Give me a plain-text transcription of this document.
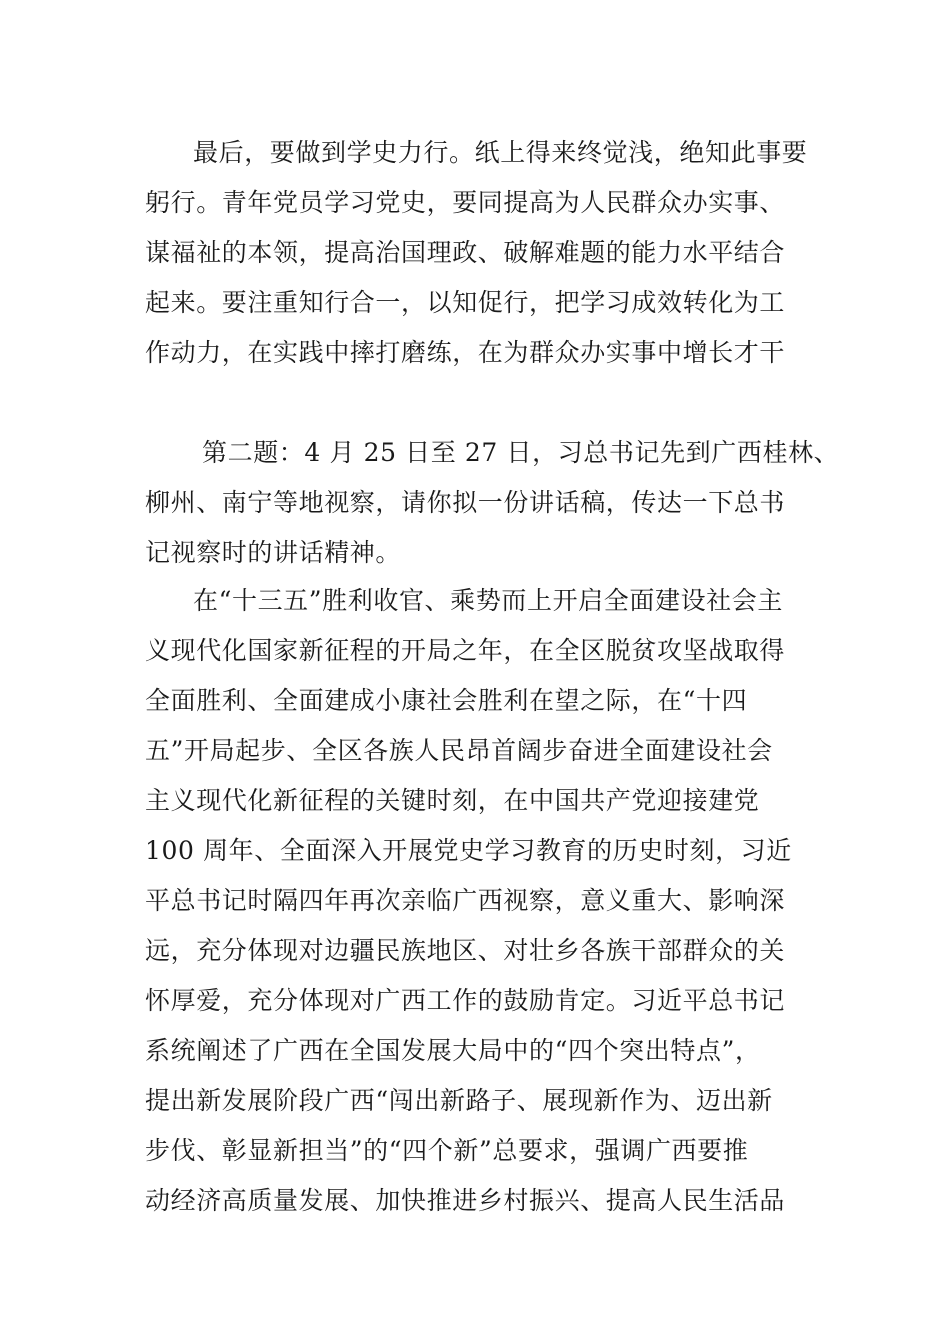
最后，要做到学史力行。纸上得来终觉浅，绝知此事要
躬行。青年党员学习党史，要同提高为人民群众办实事、
谋福祉的本领，提高治国理政、破解难题的能力水平结合
起来。要注重知行合一，以知促行，把学习成效转化为工
作动力，在实践中摔打磨练，在为群众办实事中增长才干
第二题：4 月 25 日至 27 日，习总书记先到广西桂林、
柳州、南宁等地视察，请你拟一份讲话稿，传达一下总书
记视察时的讲话精神。
在“十三五”胜利收官、乘势而上开启全面建设社会主
义现代化国家新征程的开局之年，在全区脱贫攻坚战取得
全面胜利、全面建成小康社会胜利在望之际，在“十四
五”开局起步、全区各族人民昂首阔步奋进全面建设社会
主义现代化新征程的关键时刻，在中国共产党迎接建党
100 周年、全面深入开展党史学习教育的历史时刻，习近
平总书记时隔四年再次亲临广西视察，意义重大、影响深
远，充分体现对边疆民族地区、对壮乡各族干部群众的关
怀厚爱，充分体现对广西工作的鼓励肯定。习近平总书记
系统阐述了广西在全国发展大局中的“四个突出特点”，
提出新发展阶段广西“闯出新路子、展现新作为、迈出新
步伐、彰显新担当”的“四个新”总要求，强调广西要推
动经济高质量发展、加快推进乡村振兴、提高人民生活品
